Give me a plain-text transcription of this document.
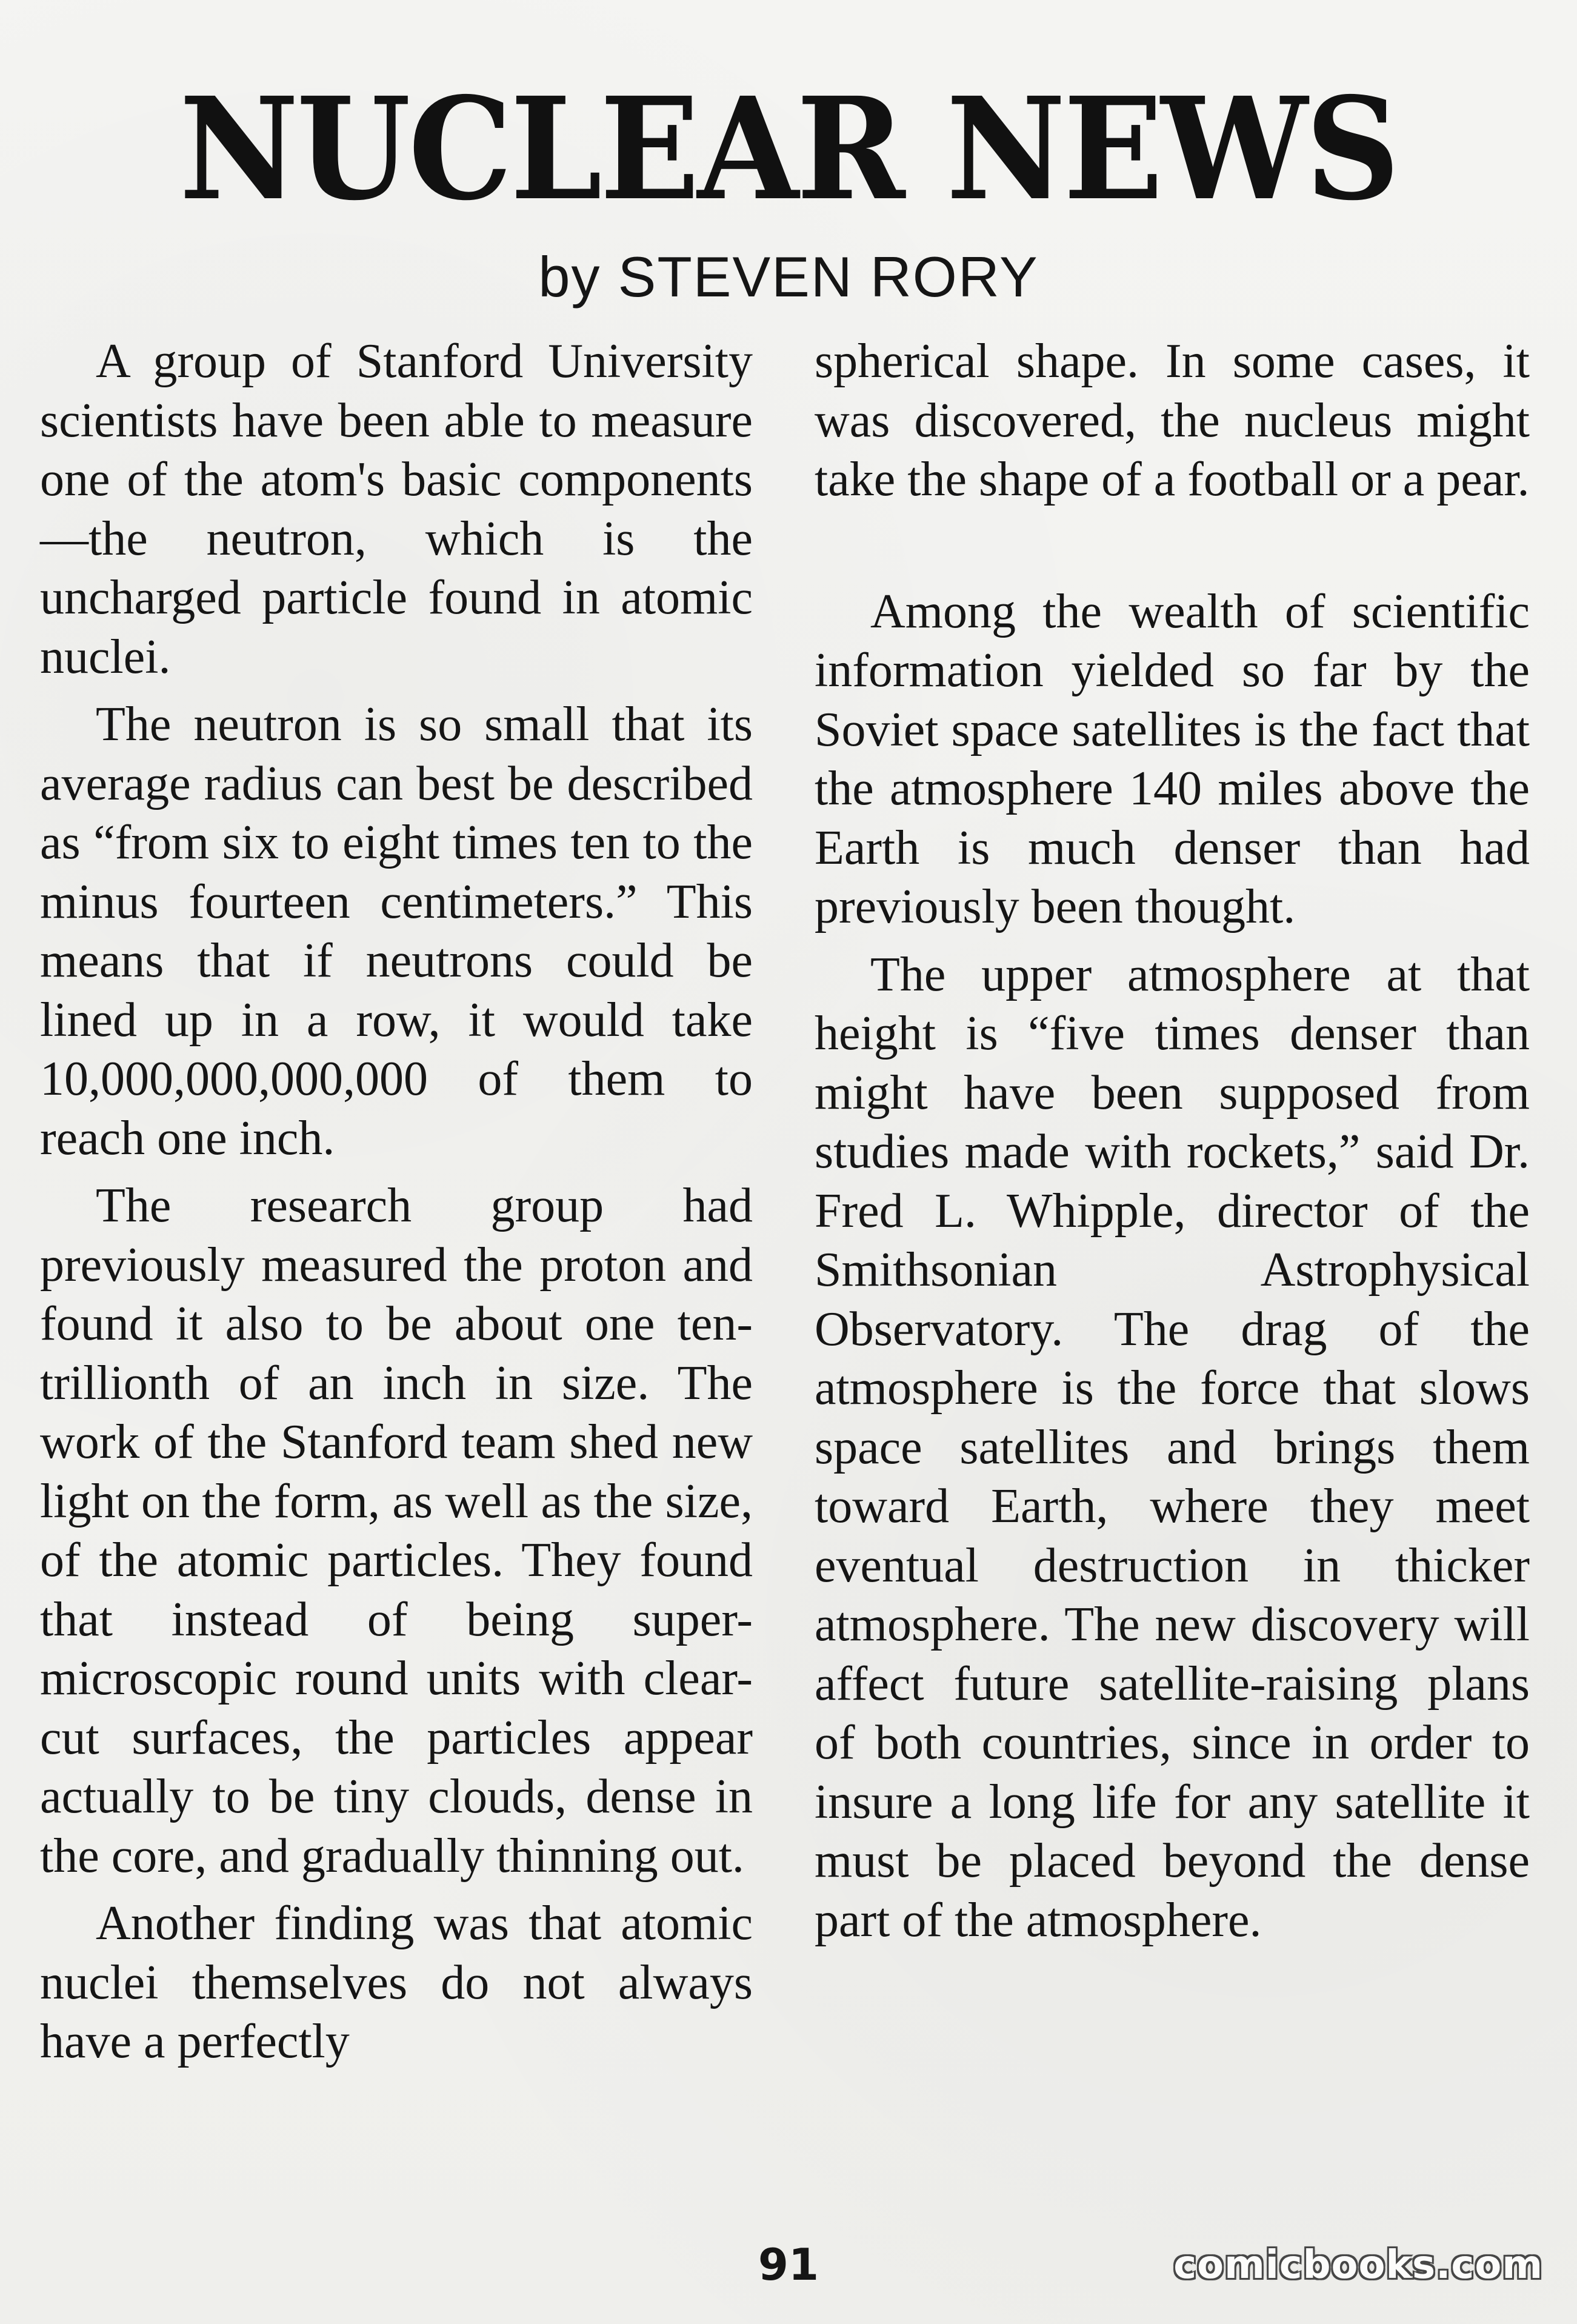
NUCLEAR NEWS
by STEVEN RORY

A group of Stanford University scientists have been able to measure one of the atom's basic components—the neutron, which is the uncharged particle found in atomic nuclei.

The neutron is so small that its average radius can best be described as “from six to eight times ten to the minus fourteen centimeters.” This means that if neutrons could be lined up in a row, it would take 10,000,000,000,000 of them to reach one inch.

The research group had previously measured the proton and found it also to be about one ten-trillionth of an inch in size. The work of the Stanford team shed new light on the form, as well as the size, of the atomic particles. They found that instead of being super-microscopic round units with clear-cut surfaces, the particles appear actually to be tiny clouds, dense in the core, and gradually thinning out.

Another finding was that atomic nuclei themselves do not always have a perfectly

spherical shape. In some cases, it was discovered, the nucleus might take the shape of a football or a pear.

Among the wealth of scientific information yielded so far by the Soviet space satellites is the fact that the atmosphere 140 miles above the Earth is much denser than had previously been thought.

The upper atmosphere at that height is “five times denser than might have been supposed from studies made with rockets,” said Dr. Fred L. Whipple, director of the Smithsonian Astrophysical Observatory. The drag of the atmosphere is the force that slows space satellites and brings them toward Earth, where they meet eventual destruction in thicker atmosphere. The new discovery will affect future satellite-raising plans of both countries, since in order to insure a long life for any satellite it must be placed beyond the dense part of the atmosphere.

91	comicbooks.com
